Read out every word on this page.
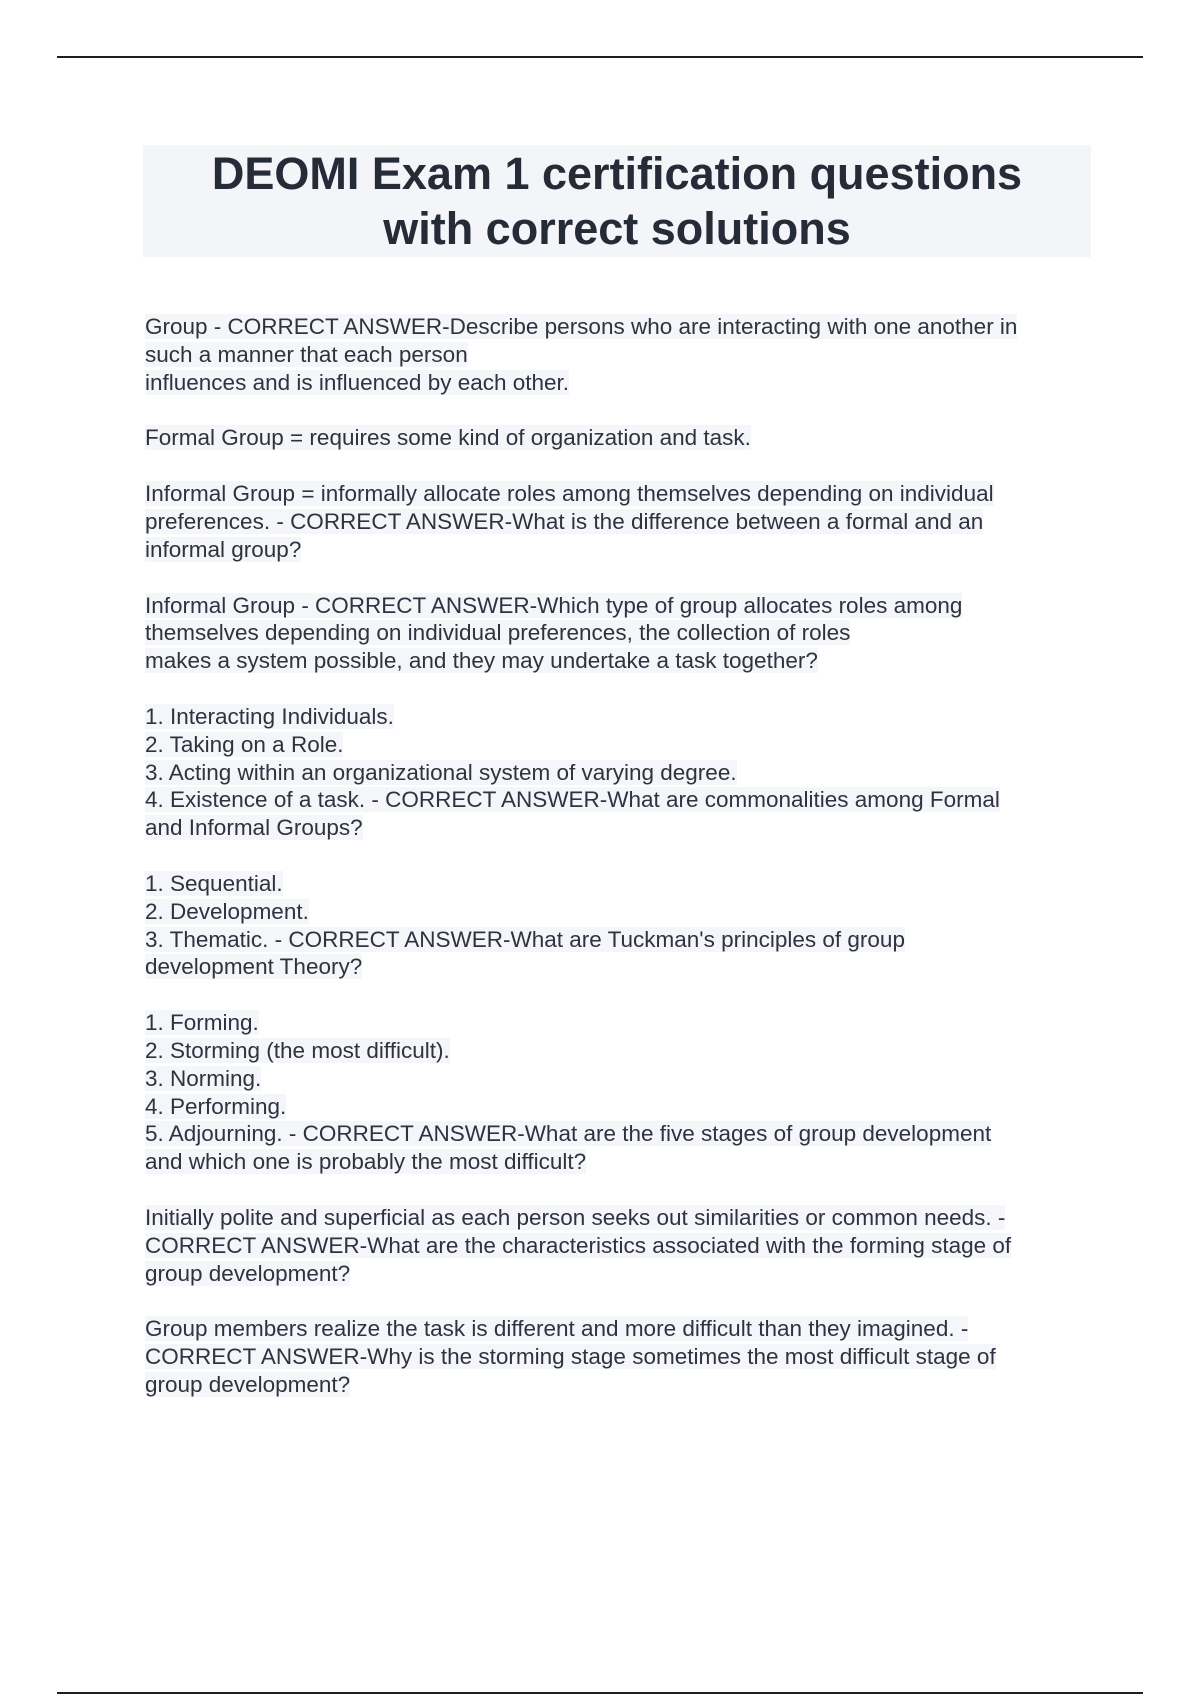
DEOMI Exam 1 certification questions
with correct solutions
Group - CORRECT ANSWER-Describe persons who are interacting with one another in
such a manner that each person
influences and is influenced by each other.
Formal Group = requires some kind of organization and task.
Informal Group = informally allocate roles among themselves depending on individual
preferences. - CORRECT ANSWER-What is the difference between a formal and an
informal group?
Informal Group - CORRECT ANSWER-Which type of group allocates roles among
themselves depending on individual preferences, the collection of roles
makes a system possible, and they may undertake a task together?
1. Interacting Individuals.
2. Taking on a Role.
3. Acting within an organizational system of varying degree.
4. Existence of a task. - CORRECT ANSWER-What are commonalities among Formal
and Informal Groups?
1. Sequential.
2. Development.
3. Thematic. - CORRECT ANSWER-What are Tuckman's principles of group
development Theory?
1. Forming.
2. Storming (the most difficult).
3. Norming.
4. Performing.
5. Adjourning. - CORRECT ANSWER-What are the five stages of group development
and which one is probably the most difficult?
Initially polite and superficial as each person seeks out similarities or common needs. -
CORRECT ANSWER-What are the characteristics associated with the forming stage of
group development?
Group members realize the task is different and more difficult than they imagined. -
CORRECT ANSWER-Why is the storming stage sometimes the most difficult stage of
group development?
